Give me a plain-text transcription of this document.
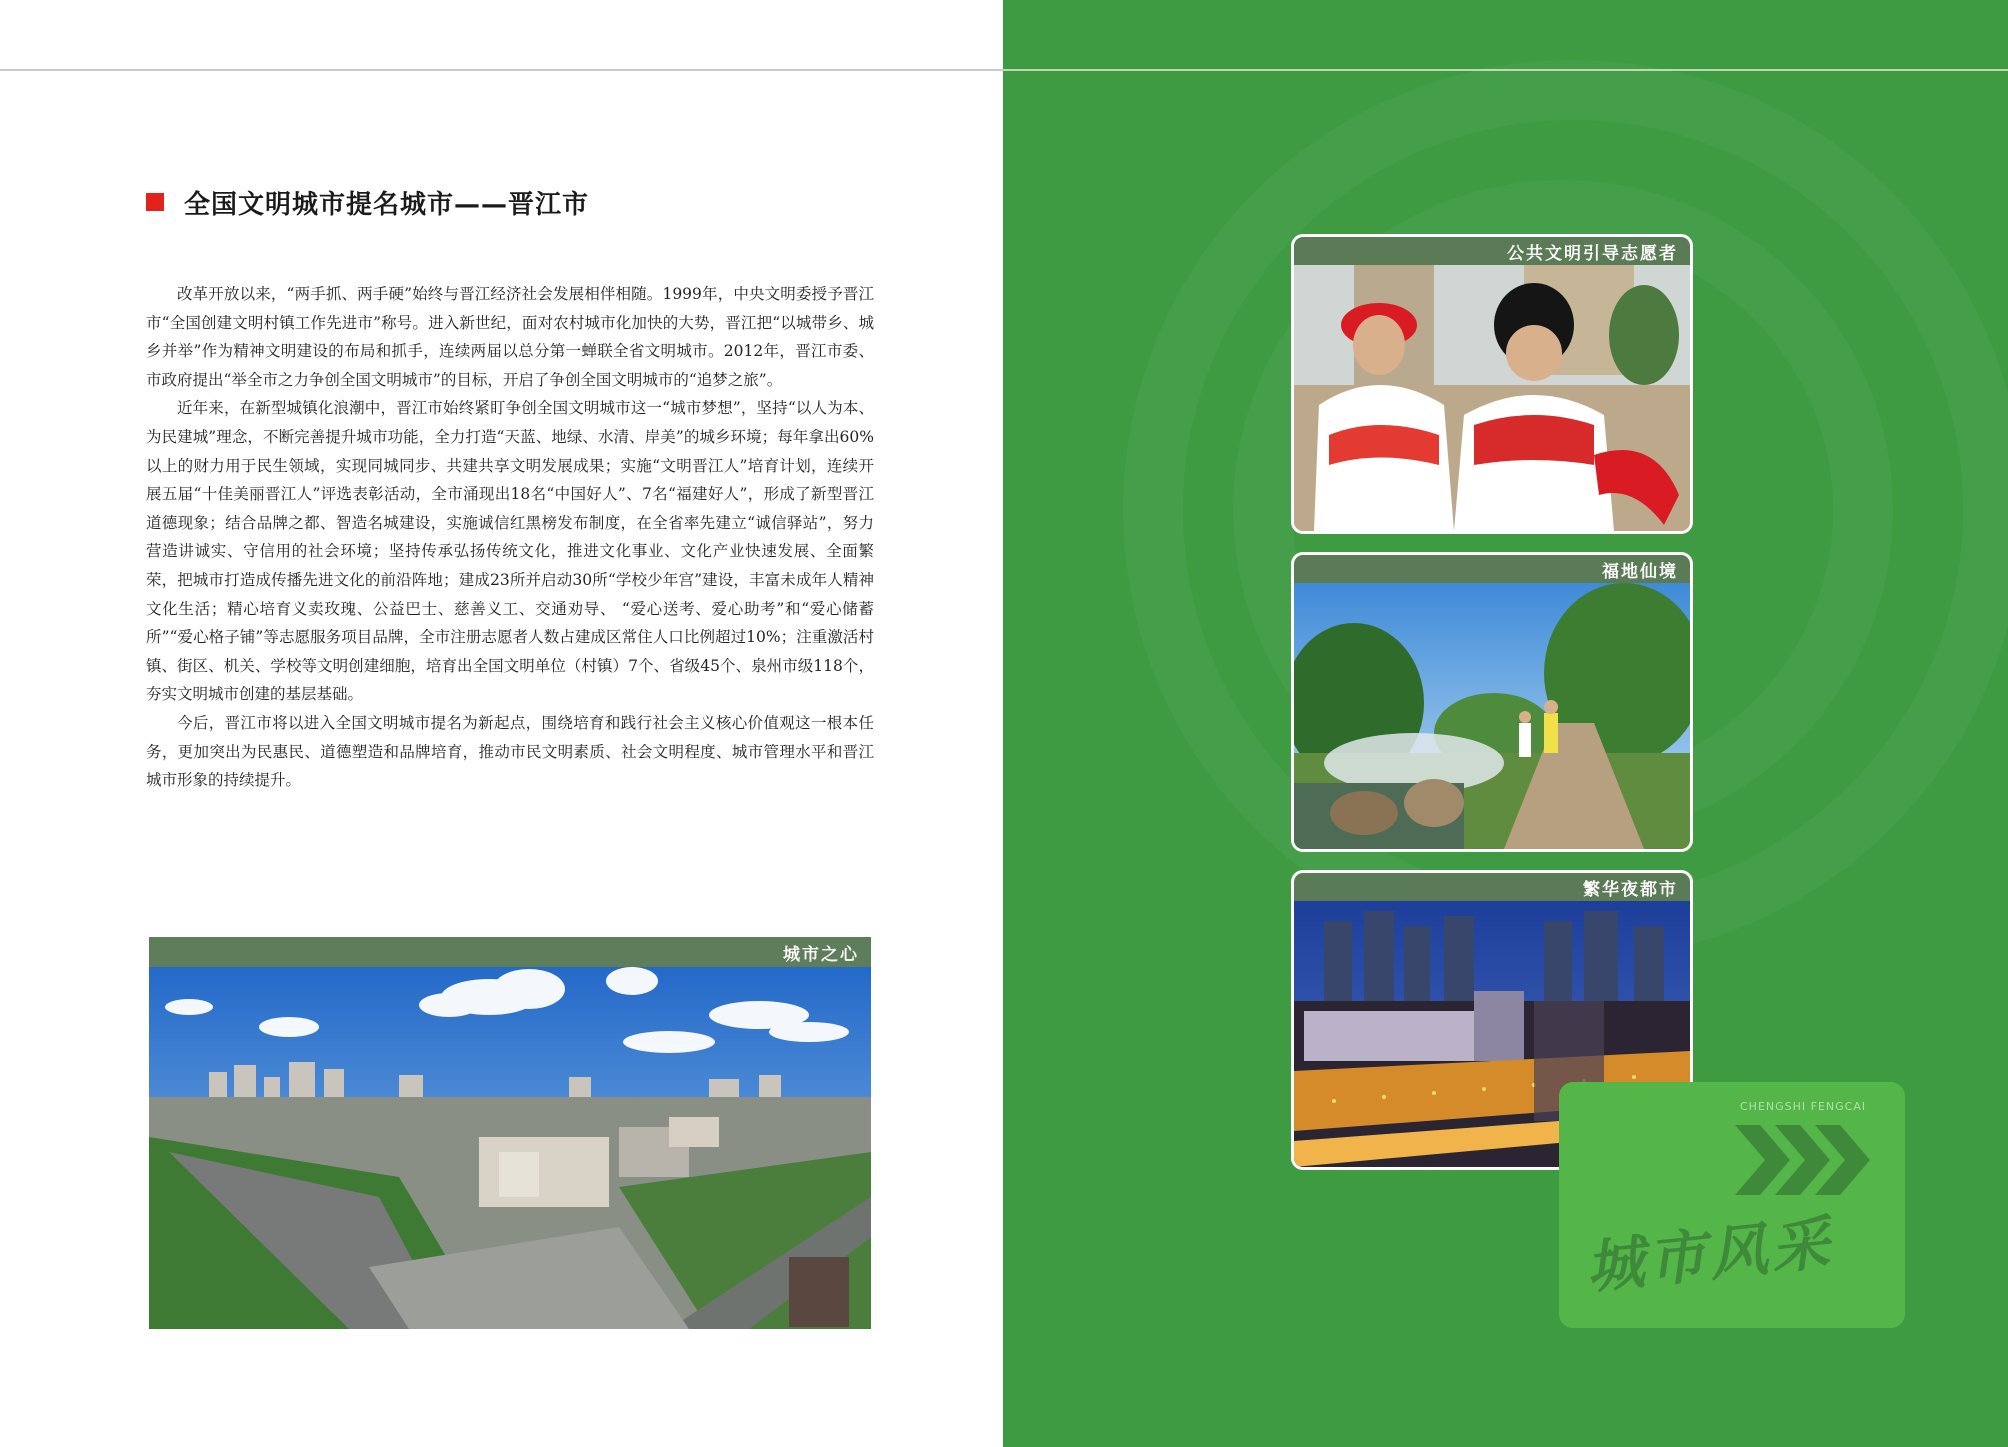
全国文明城市提名城市——晋江市

改革开放以来，“两手抓、两手硬”始终与晋江经济社会发展相伴相随。1999年，中央文明委授予晋江市“全国创建文明村镇工作先进市”称号。进入新世纪，面对农村城市化加快的大势，晋江把“以城带乡、城乡并举”作为精神文明建设的布局和抓手，连续两届以总分第一蝉联全省文明城市。2012年，晋江市委、市政府提出“举全市之力争创全国文明城市”的目标，开启了争创全国文明城市的“追梦之旅”。

近年来，在新型城镇化浪潮中，晋江市始终紧盯争创全国文明城市这一“城市梦想”，坚持“以人为本、为民建城”理念，不断完善提升城市功能，全力打造“天蓝、地绿、水清、岸美”的城乡环境；每年拿出60%以上的财力用于民生领域，实现同城同步、共建共享文明发展成果；实施“文明晋江人”培育计划，连续开展五届“十佳美丽晋江人”评选表彰活动，全市涌现出18名“中国好人”、7名“福建好人”，形成了新型晋江道德现象；结合品牌之都、智造名城建设，实施诚信红黑榜发布制度，在全省率先建立“诚信驿站”，努力营造讲诚实、守信用的社会环境；坚持传承弘扬传统文化，推进文化事业、文化产业快速发展、全面繁荣，把城市打造成传播先进文化的前沿阵地；建成23所并启动30所“学校少年宫”建设，丰富未成年人精神文化生活；精心培育义卖玫瑰、公益巴士、慈善义工、交通劝导、 “爱心送考、爱心助考”和“爱心储蓄所”“爱心格子铺”等志愿服务项目品牌，全市注册志愿者人数占建成区常住人口比例超过10%；注重激活村镇、街区、机关、学校等文明创建细胞，培育出全国文明单位（村镇）7个、省级45个、泉州市级118个，夯实文明城市创建的基层基础。

今后，晋江市将以进入全国文明城市提名为新起点，围绕培育和践行社会主义核心价值观这一根本任务，更加突出为民惠民、道德塑造和品牌培育，推动市民文明素质、社会文明程度、城市管理水平和晋江城市形象的持续提升。

城市之心
公共文明引导志愿者
福地仙境
繁华夜都市
CHENGSHI FENGCAI
城市风采
